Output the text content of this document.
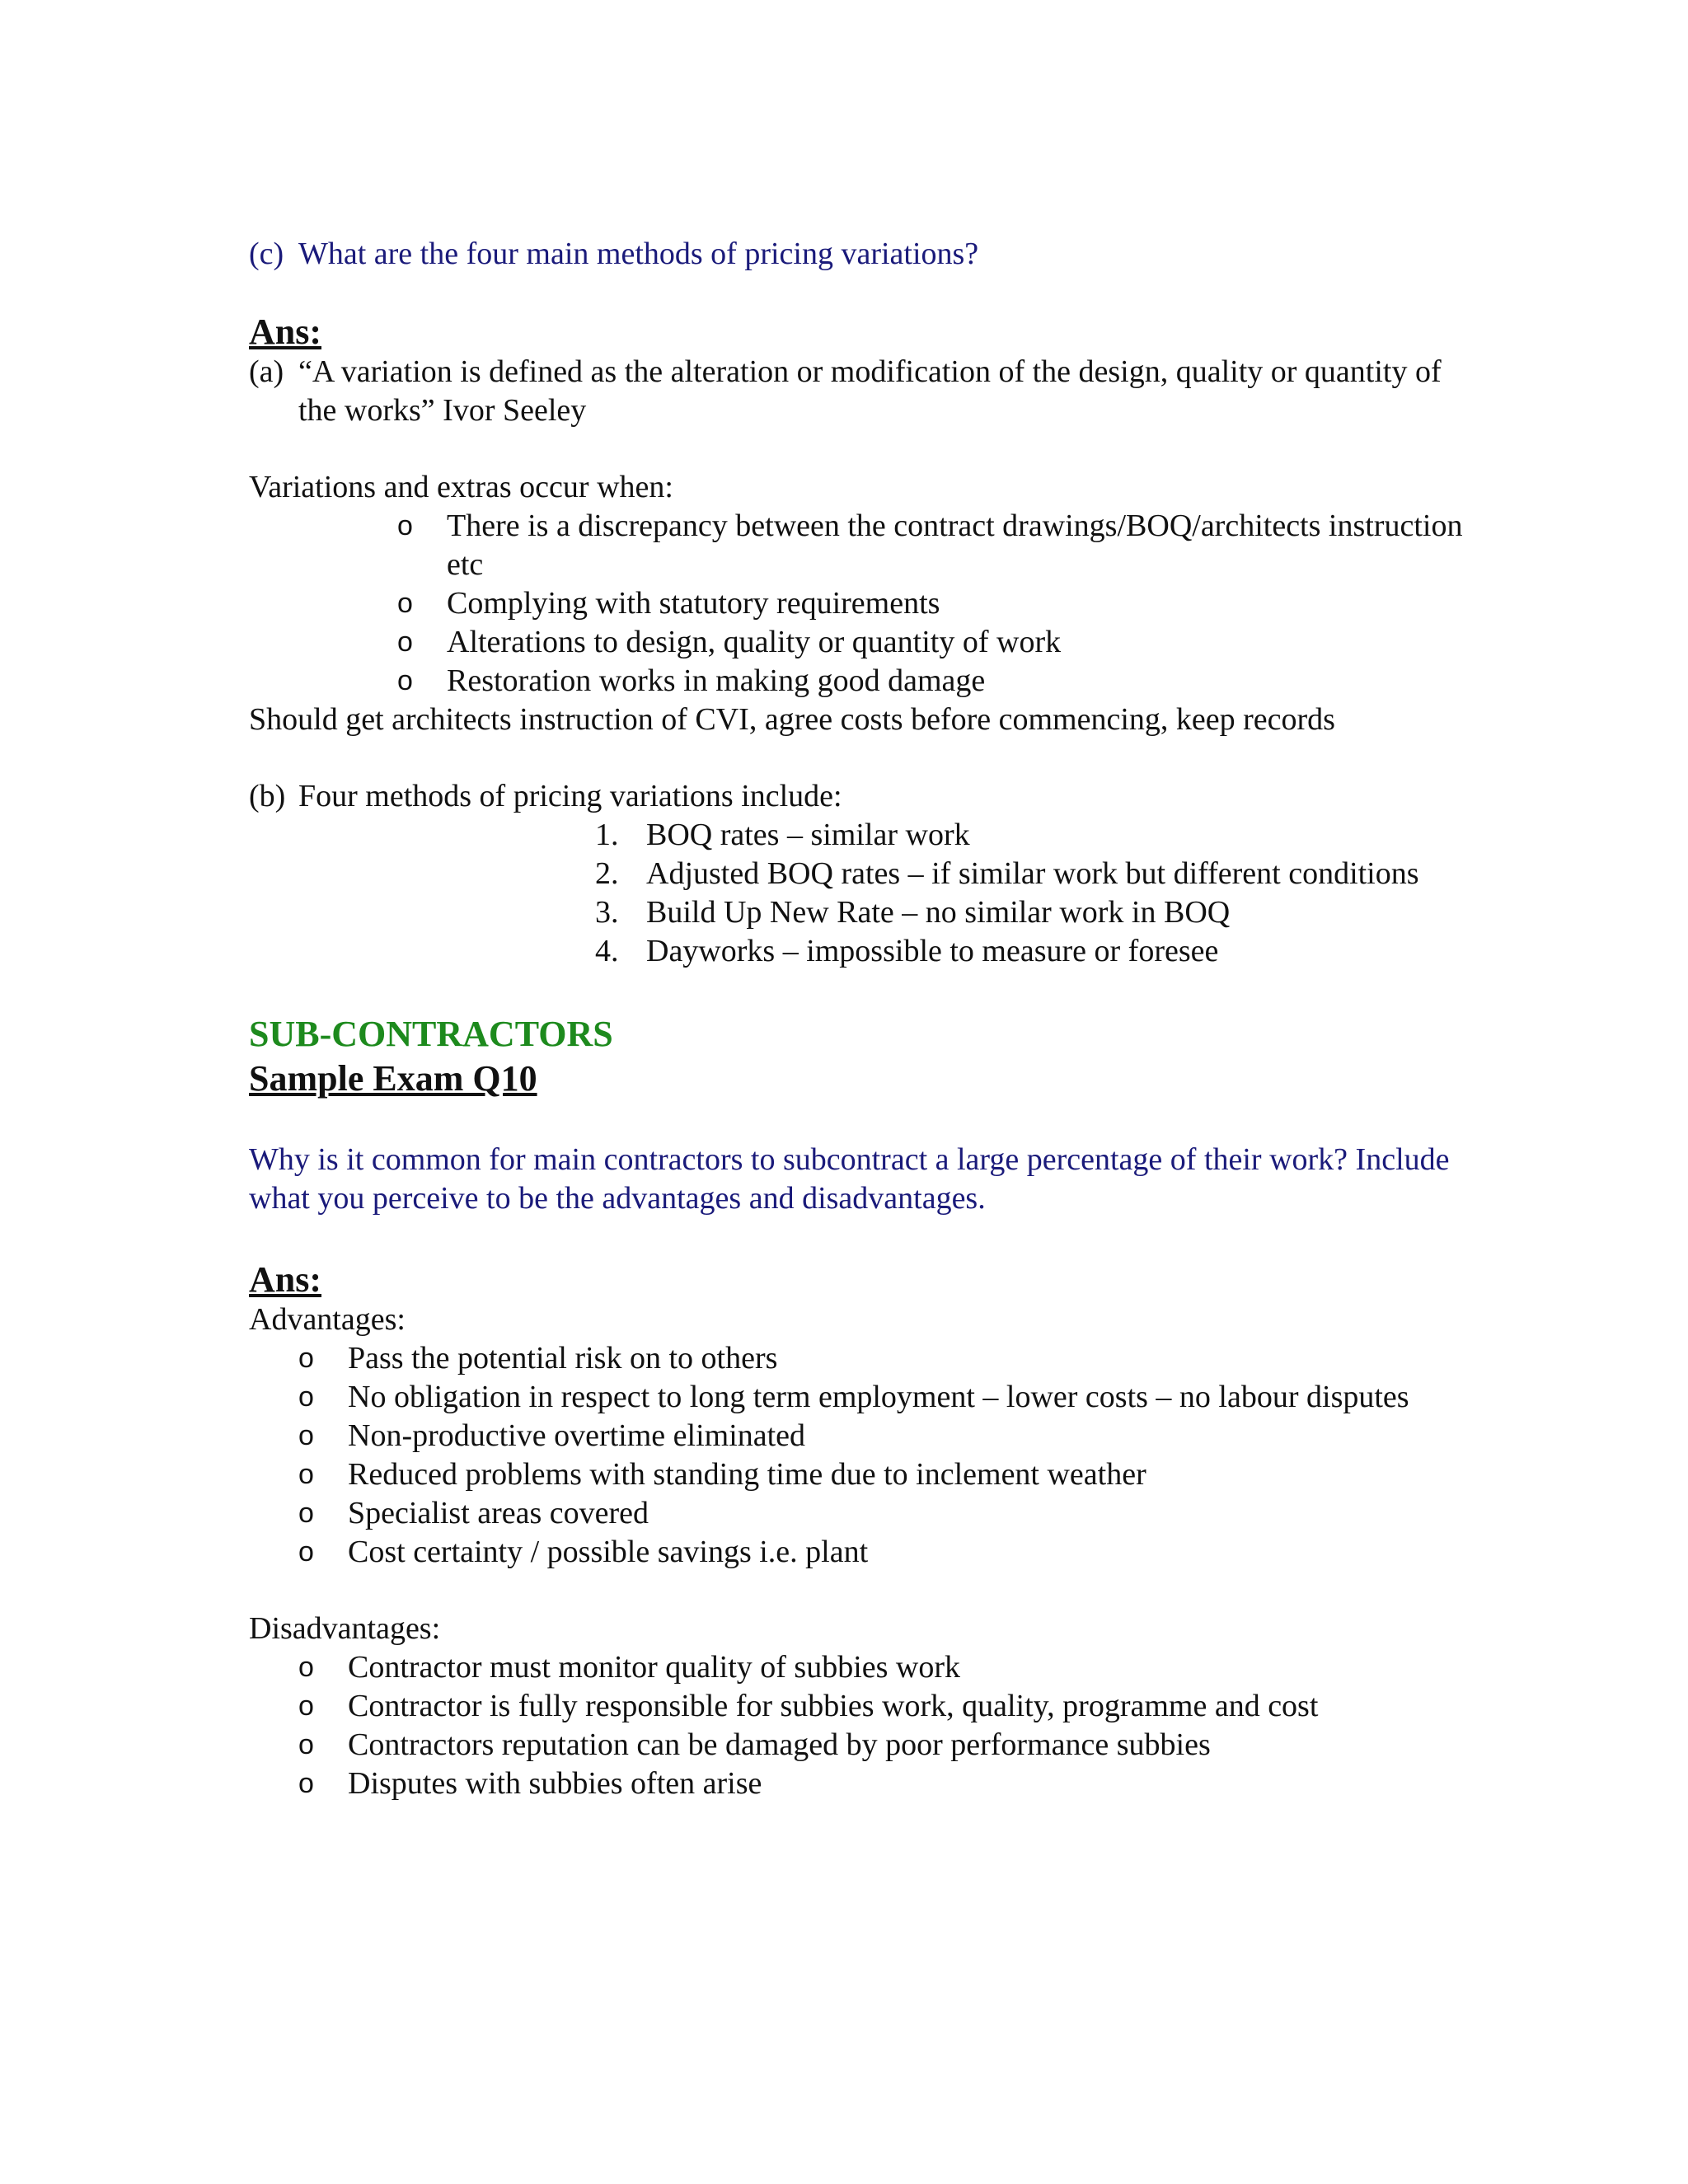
(c) What are the four main methods of pricing variations?
Ans:
(a) “A variation is defined as the alteration or modification of the design, quality or quantity of the works” Ivor Seeley
Variations and extras occur when:
o There is a discrepancy between the contract drawings/BOQ/architects instruction etc
o Complying with statutory requirements
o Alterations to design, quality or quantity of work
o Restoration works in making good damage
Should get architects instruction of CVI, agree costs before commencing, keep records
(b) Four methods of pricing variations include:
1. BOQ rates – similar work
2. Adjusted BOQ rates – if similar work but different conditions
3. Build Up New Rate – no similar work in BOQ
4. Dayworks – impossible to measure or foresee
SUB-CONTRACTORS
Sample Exam Q10
Why is it common for main contractors to subcontract a large percentage of their work? Include what you perceive to be the advantages and disadvantages.
Ans:
Advantages:
o Pass the potential risk on to others
o No obligation in respect to long term employment – lower costs – no labour disputes
o Non-productive overtime eliminated
o Reduced problems with standing time due to inclement weather
o Specialist areas covered
o Cost certainty / possible savings i.e. plant
Disadvantages:
o Contractor must monitor quality of subbies work
o Contractor is fully responsible for subbies work, quality, programme and cost
o Contractors reputation can be damaged by poor performance subbies
o Disputes with subbies often arise
